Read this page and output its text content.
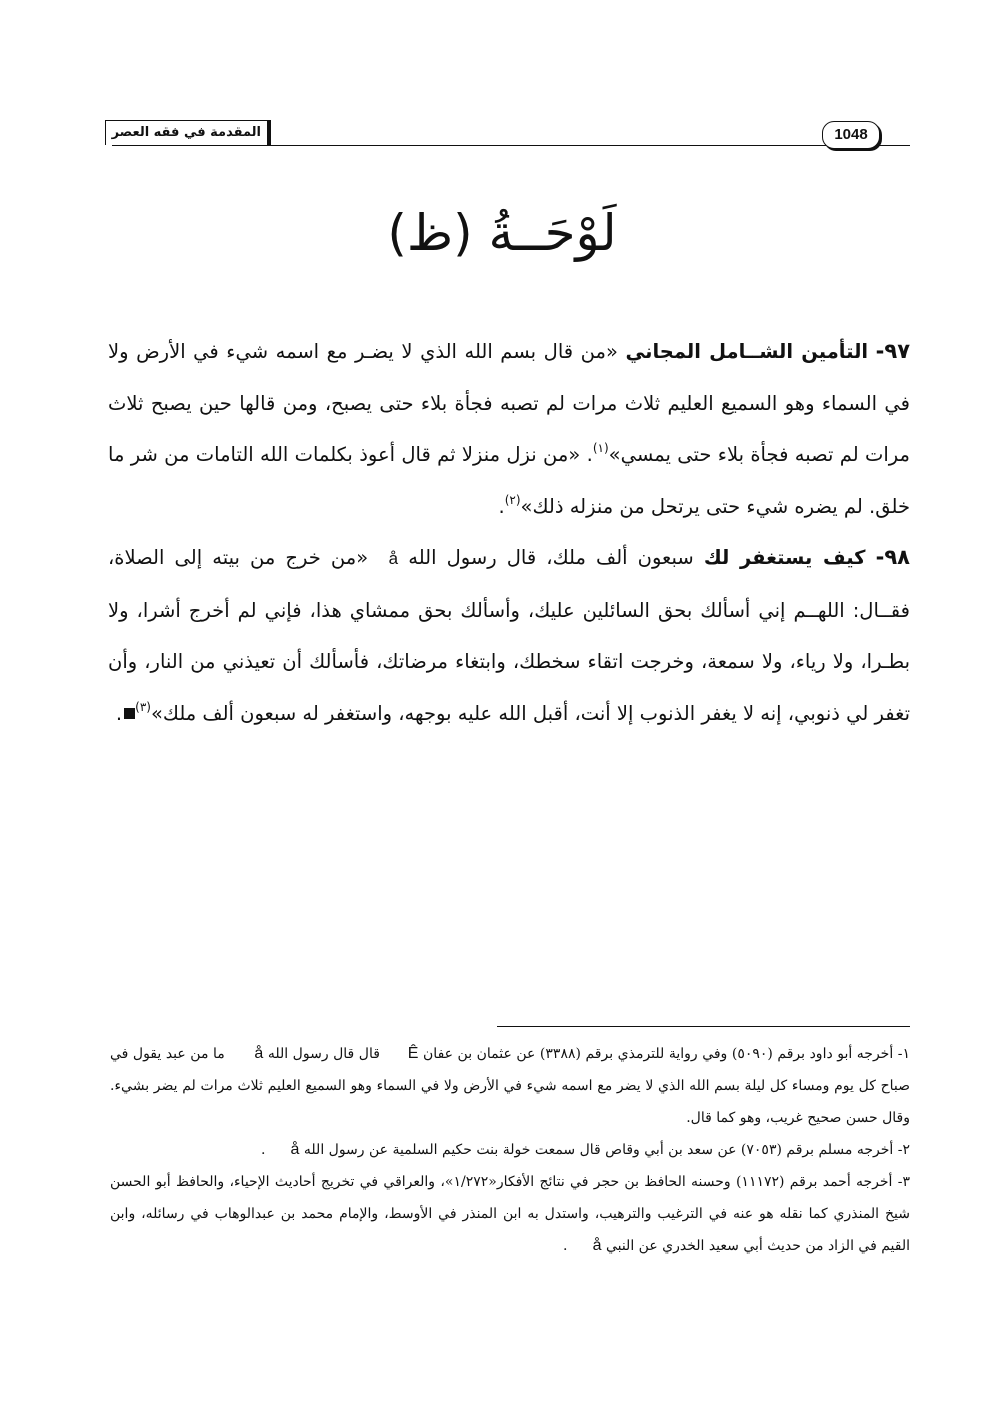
المقدمة في فقه العصر	1048
لَوْحَــةُ (ظ)

٩٧- التأمين الشــامل المجاني «من قال بسم الله الذي لا يضـر مع اسمه شيء في الأرض ولا في السماء وهو السميع العليم ثلاث مرات لم تصبه فجأة بلاء حتى يصبح، ومن قالها حين يصبح ثلاث مرات لم تصبه فجأة بلاء حتى يمسي»$^{(١)}$. «من نزل منزلا ثم قال أعوذ بكلمات الله التامات من شر ما خلق. لم يضره شيء حتى يرتحل من منزله ذلك»$^{(٢)}$.

٩٨- كيف يستغفر لك سبعون ألف ملك، قال رسول الله å«من خرج من بيته إلى الصلاة، فقــال: اللهــم إني أسألك بحق السائلين عليك، وأسألك بحق ممشاي هذا، فإني لم أخرج أشرا، ولا بطـرا، ولا رياء، ولا سمعة، وخرجت اتقاء سخطك، وابتغاء مرضاتك، فأسألك أن تعيذني من النار، وأن تغفر لي ذنوبي، إنه لا يغفر الذنوب إلا أنت، أقبل الله عليه بوجهه، واستغفر له سبعون ألف ملك»$^{(٣)}$.

١- أخرجه أبو داود برقم (٥٠٩٠) وفي رواية للترمذي برقم (٣٣٨٨) عن عثمان بن عفان Ê قال قال رسول الله å ما من عبد يقول في صباح كل يوم ومساء كل ليلة بسم الله الذي لا يضر مع اسمه شيء في الأرض ولا في السماء وهو السميع العليم ثلاث مرات لم يضر بشيء. وقال حسن صحيح غريب، وهو كما قال.

٢- أخرجه مسلم برقم (٧٠٥٣) عن سعد بن أبي وقاص قال سمعت خولة بنت حكيم السلمية عن رسول الله å.

٣- أخرجه أحمد برقم (١١١٧٢) وحسنه الحافظ بن حجر في نتائج الأفكار«١/٢٧٢»، والعراقي في تخريج أحاديث الإحياء، والحافظ أبو الحسن شيخ المنذري كما نقله هو عنه في الترغيب والترهيب، واستدل به ابن المنذر في الأوسط، والإمام محمد بن عبدالوهاب في رسائله، وابن القيم في الزاد من حديث أبي سعيد الخدري عن النبي å.
